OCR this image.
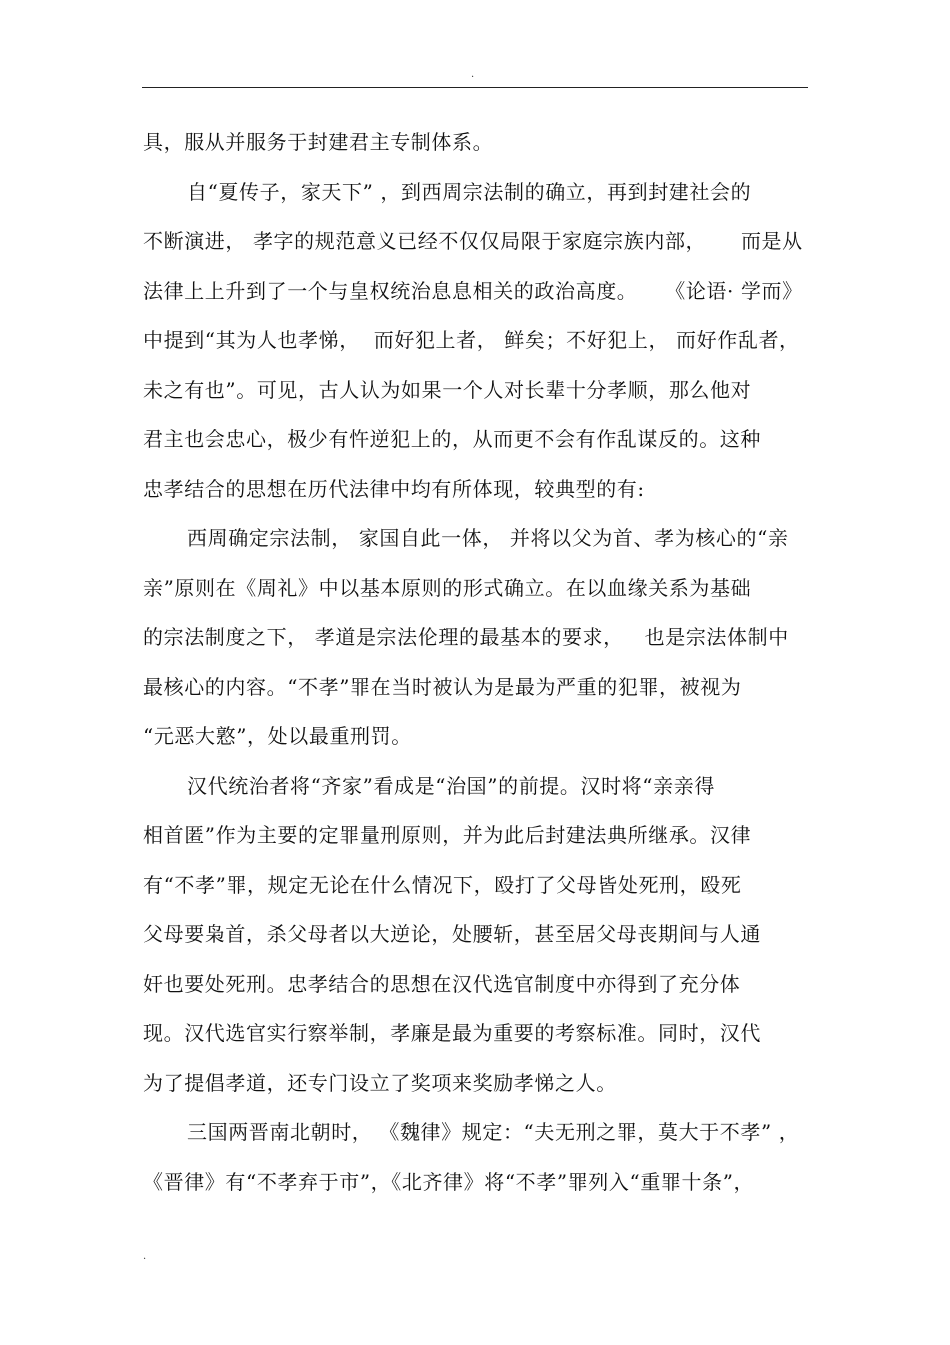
.
具，服从并服务于封建君主专制体系。
自“夏传子，家天下” ，到西周宗法制的确立，再到封建社会的
不断演进， 孝字的规范意义已经不仅仅局限于家庭宗族内部，     而是从
法律上上升到了一个与皇权统治息息相关的政治高度。    《论语· 学而》
中提到“其为人也孝悌，  而好犯上者， 鲜矣；不好犯上， 而好作乱者，
未之有也”。可见，古人认为如果一个人对长辈十分孝顺，那么他对
君主也会忠心，极少有忤逆犯上的，从而更不会有作乱谋反的。这种
忠孝结合的思想在历代法律中均有所体现，较典型的有:
西周确定宗法制， 家国自此一体， 并将以父为首、孝为核心的“亲
亲”原则在《周礼》中以基本原则的形式确立。在以血缘关系为基础
的宗法制度之下， 孝道是宗法伦理的最基本的要求，   也是宗法体制中
最核心的内容。“不孝”罪在当时被认为是最为严重的犯罪，被视为
“元恶大憝”，处以最重刑罚。
汉代统治者将“齐家”看成是“治国”的前提。汉时将“亲亲得
相首匿”作为主要的定罪量刑原则，并为此后封建法典所继承。汉律
有“不孝”罪，规定无论在什么情况下，殴打了父母皆处死刑，殴死
父母要枭首，杀父母者以大逆论，处腰斩，甚至居父母丧期间与人通
奸也要处死刑。忠孝结合的思想在汉代选官制度中亦得到了充分体
现。汉代选官实行察举制，孝廉是最为重要的考察标准。同时，汉代
为了提倡孝道，还专门设立了奖项来奖励孝悌之人。
三国两晋南北朝时， 《魏律》规定：“夫无刑之罪，莫大于不孝” ，
《晋律》有“不孝弃于市”，《北齐律》将“不孝”罪列入“重罪十条”，
.
